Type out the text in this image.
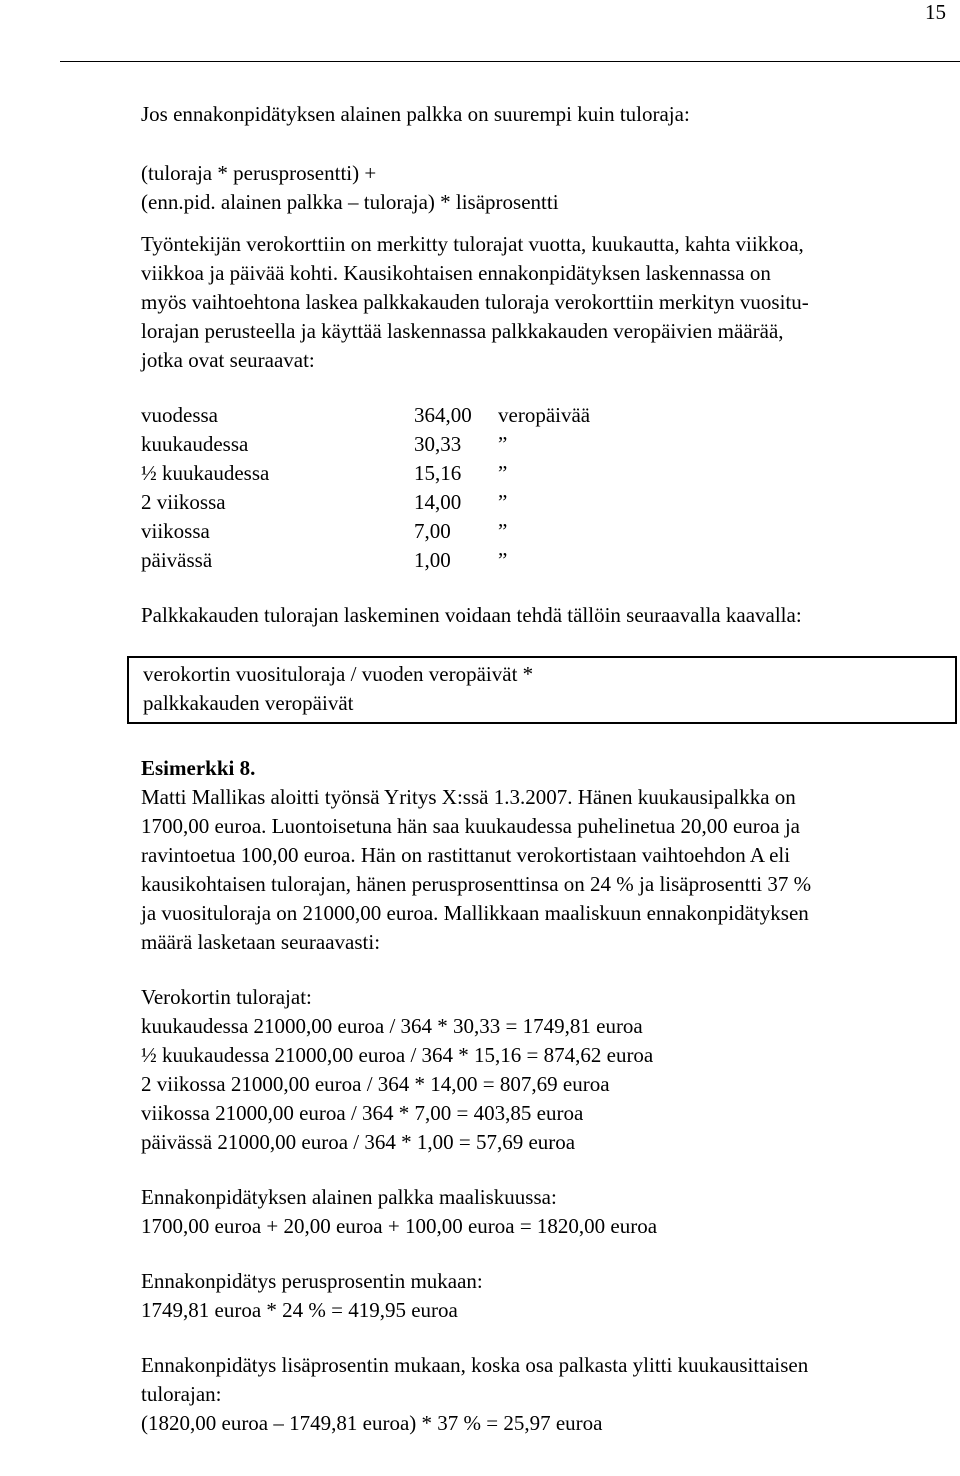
15
Jos ennakonpidätyksen alainen palkka on suurempi kuin tuloraja:
(tuloraja * perusprosentti) +
(enn.pid. alainen palkka – tuloraja) * lisäprosentti
Työntekijän verokorttiin on merkitty tulorajat vuotta, kuukautta, kahta viikkoa,
viikkoa ja päivää kohti. Kausikohtaisen ennakonpidätyksen laskennassa on
myös vaihtoehtona laskea palkkakauden tuloraja verokorttiin merkityn vuositu-
lorajan perusteella ja käyttää laskennassa palkkakauden veropäivien määrää,
jotka ovat seuraavat:
vuodessa	364,00	veropäivää
kuukaudessa	30,33	”
½ kuukaudessa	15,16	”
2 viikossa	14,00	”
viikossa	7,00	”
päivässä	1,00	”
Palkkakauden tulorajan laskeminen voidaan tehdä tällöin seuraavalla kaavalla:
verokortin vuosituloraja / vuoden veropäivät *
palkkakauden veropäivät
Esimerkki 8.
Matti Mallikas aloitti työnsä Yritys X:ssä 1.3.2007. Hänen kuukausipalkka on
1700,00 euroa. Luontoisetuna hän saa kuukaudessa puhelinetua 20,00 euroa ja
ravintoetua 100,00 euroa. Hän on rastittanut verokortistaan vaihtoehdon A eli
kausikohtaisen tulorajan, hänen perusprosenttinsa on 24 % ja lisäprosentti 37 %
ja vuosituloraja on 21000,00 euroa. Mallikkaan maaliskuun ennakonpidätyksen
määrä lasketaan seuraavasti:
Verokortin tulorajat:
kuukaudessa 21000,00 euroa / 364 * 30,33 = 1749,81 euroa
½ kuukaudessa 21000,00 euroa / 364 * 15,16 = 874,62 euroa
2 viikossa 21000,00 euroa / 364 * 14,00 = 807,69 euroa
viikossa 21000,00 euroa / 364 * 7,00 = 403,85 euroa
päivässä 21000,00 euroa / 364 * 1,00 = 57,69 euroa
Ennakonpidätyksen alainen palkka maaliskuussa:
1700,00 euroa + 20,00 euroa + 100,00 euroa = 1820,00 euroa
Ennakonpidätys perusprosentin mukaan:
1749,81 euroa * 24 % = 419,95 euroa
Ennakonpidätys lisäprosentin mukaan, koska osa palkasta ylitti kuukausittaisen
tulorajan:
(1820,00 euroa – 1749,81 euroa) * 37 % = 25,97 euroa
